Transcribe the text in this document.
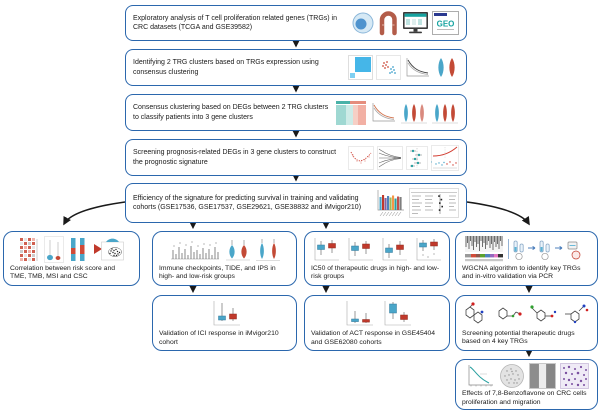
Exploratory analysis of T cell proliferation related genes (TRGs) in CRC datasets (TCGA and GSE39582)	GEO
Identifying 2 TRG clusters based on TRGs expression using consensus clustering
Consensus clustering based on DEGs between 2 TRG clusters to classify patients into 3 gene clusters
Screening prognosis-related DEGs in 3 gene clusters to construct the prognostic signature
Efficiency of the signature for predicting survival in training and validating cohorts (GSE17536, GSE17537, GSE29621, GSE38832 and iMvigor210)
Correlation between risk score and TME, TMB, MSI and CSC
Immune checkpoints, TIDE, and IPS in high- and low-risk groups
IC50 of therapeutic drugs in high- and low-risk groups
WGCNA algorithm to identify key TRGs and in-vitro validation via PCR
Validation of ICI response in iMvigor210 cohort
Validation of ACT response in GSE45404 and GSE62080 cohorts
Screening potential therapeutic drugs based on 4 key TRGs
Effects of 7,8-Benzoflavone on CRC cells proliferation and migration
